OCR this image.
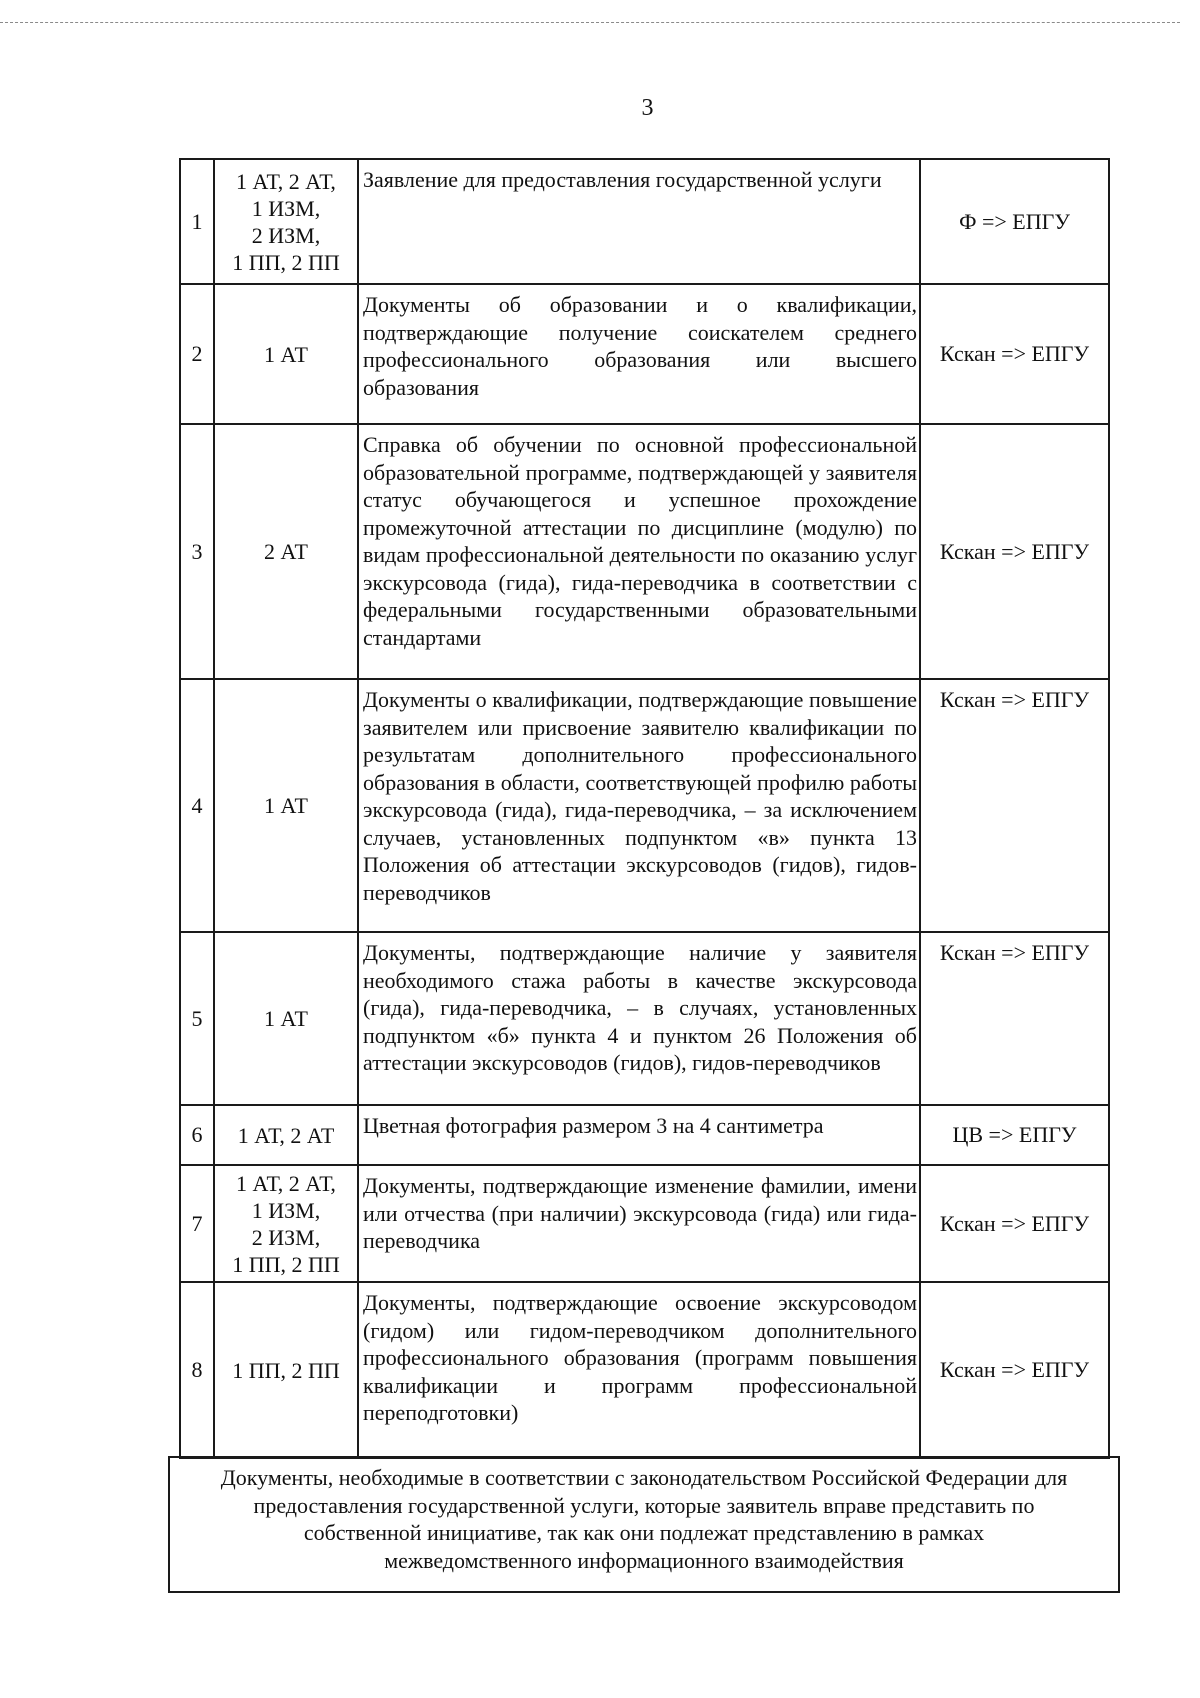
3
1	1 АТ, 2 АТ,
1 ИЗМ,
2 ИЗМ,
1 ПП, 2 ПП	Заявление для предоставления государственной услуги	Ф => ЕПГУ
2	1 АТ	Документы об образовании и о квалификации, подтверждающие получение соискателем среднего профессионального образования или высшего образования	Кскан => ЕПГУ
3	2 АТ	Справка об обучении по основной профессиональной образовательной программе, подтверждающей у заявителя статус обучающегося и успешное прохождение промежуточной аттестации по дисциплине (модулю) по видам профессиональной деятельности по оказанию услуг экскурсовода (гида), гида-переводчика в соответствии с федеральными государственными образовательными стандартами	Кскан => ЕПГУ
4	1 АТ	Документы о квалификации, подтверждающие повышение заявителем или присвоение заявителю квалификации по результатам дополнительного профессионального образования в области, соответствующей профилю работы экскурсовода (гида), гида-переводчика, – за исключением случаев, установленных подпунктом «в» пункта 13 Положения об аттестации экскурсоводов (гидов), гидов-переводчиков	Кскан => ЕПГУ
5	1 АТ	Документы, подтверждающие наличие у заявителя необходимого стажа работы в качестве экскурсовода (гида), гида-переводчика, – в случаях, установленных подпунктом «б» пункта 4 и пунктом 26 Положения об аттестации экскурсоводов (гидов), гидов-переводчиков	Кскан => ЕПГУ
6	1 АТ, 2 АТ	Цветная фотография размером 3 на 4 сантиметра	ЦВ => ЕПГУ
7	1 АТ, 2 АТ,
1 ИЗМ,
2 ИЗМ,
1 ПП, 2 ПП	Документы, подтверждающие изменение фамилии, имени или отчества (при наличии) экскурсовода (гида) или гида-переводчика	Кскан => ЕПГУ
8	1 ПП, 2 ПП	Документы, подтверждающие освоение экскурсоводом (гидом) или гидом-переводчиком дополнительного профессионального образования (программ повышения квалификации и программ профессиональной переподготовки)	Кскан => ЕПГУ
Документы, необходимые в соответствии с законодательством Российской Федерации для
предоставления государственной услуги, которые заявитель вправе представить по
собственной инициативе, так как они подлежат представлению в рамках
межведомственного информационного взаимодействия
